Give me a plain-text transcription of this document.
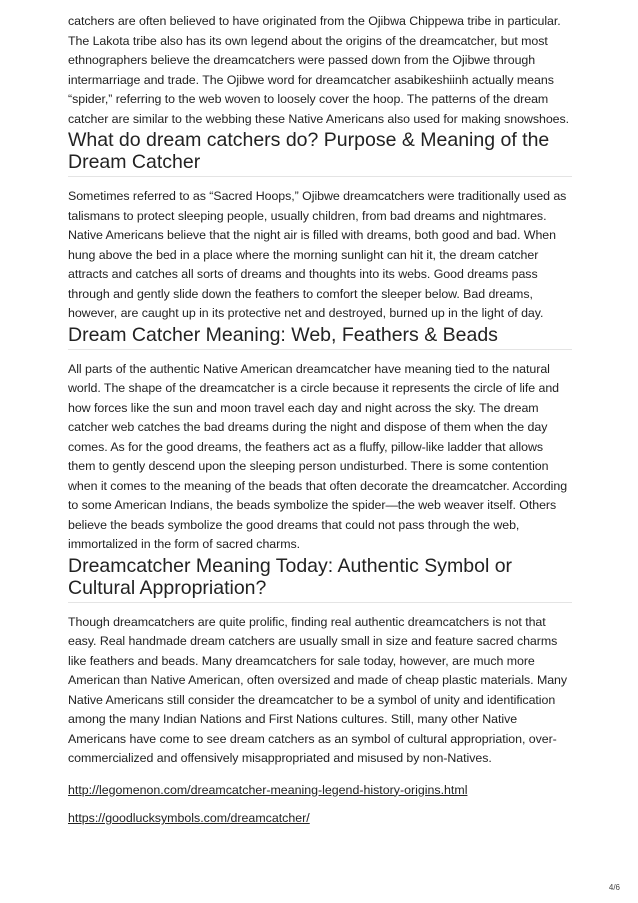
catchers are often believed to have originated from the Ojibwa Chippewa tribe in particular. The Lakota tribe also has its own legend about the origins of the dreamcatcher, but most ethnographers believe the dreamcatchers were passed down from the Ojibwe through intermarriage and trade. The Ojibwe word for dreamcatcher asabikeshiinh actually means “spider,” referring to the web woven to loosely cover the hoop. The patterns of the dream catcher are similar to the webbing these Native Americans also used for making snowshoes.

What do dream catchers do? Purpose & Meaning of the Dream Catcher

Sometimes referred to as “Sacred Hoops,” Ojibwe dreamcatchers were traditionally used as talismans to protect sleeping people, usually children, from bad dreams and nightmares. Native Americans believe that the night air is filled with dreams, both good and bad. When hung above the bed in a place where the morning sunlight can hit it, the dream catcher attracts and catches all sorts of dreams and thoughts into its webs. Good dreams pass through and gently slide down the feathers to comfort the sleeper below. Bad dreams, however, are caught up in its protective net and destroyed, burned up in the light of day.

Dream Catcher Meaning: Web, Feathers & Beads

All parts of the authentic Native American dreamcatcher have meaning tied to the natural world. The shape of the dreamcatcher is a circle because it represents the circle of life and how forces like the sun and moon travel each day and night across the sky. The dream catcher web catches the bad dreams during the night and dispose of them when the day comes. As for the good dreams, the feathers act as a fluffy, pillow-like ladder that allows them to gently descend upon the sleeping person undisturbed. There is some contention when it comes to the meaning of the beads that often decorate the dreamcatcher. According to some American Indians, the beads symbolize the spider—the web weaver itself. Others believe the beads symbolize the good dreams that could not pass through the web, immortalized in the form of sacred charms.

Dreamcatcher Meaning Today: Authentic Symbol or Cultural Appropriation?

Though dreamcatchers are quite prolific, finding real authentic dreamcatchers is not that easy. Real handmade dream catchers are usually small in size and feature sacred charms like feathers and beads. Many dreamcatchers for sale today, however, are much more American than Native American, often oversized and made of cheap plastic materials. Many Native Americans still consider the dreamcatcher to be a symbol of unity and identification among the many Indian Nations and First Nations cultures. Still, many other Native Americans have come to see dream catchers as an symbol of cultural appropriation, over-commercialized and offensively misappropriated and misused by non-Natives.

http://legomenon.com/dreamcatcher-meaning-legend-history-origins.html

https://goodlucksymbols.com/dreamcatcher/

4/6
